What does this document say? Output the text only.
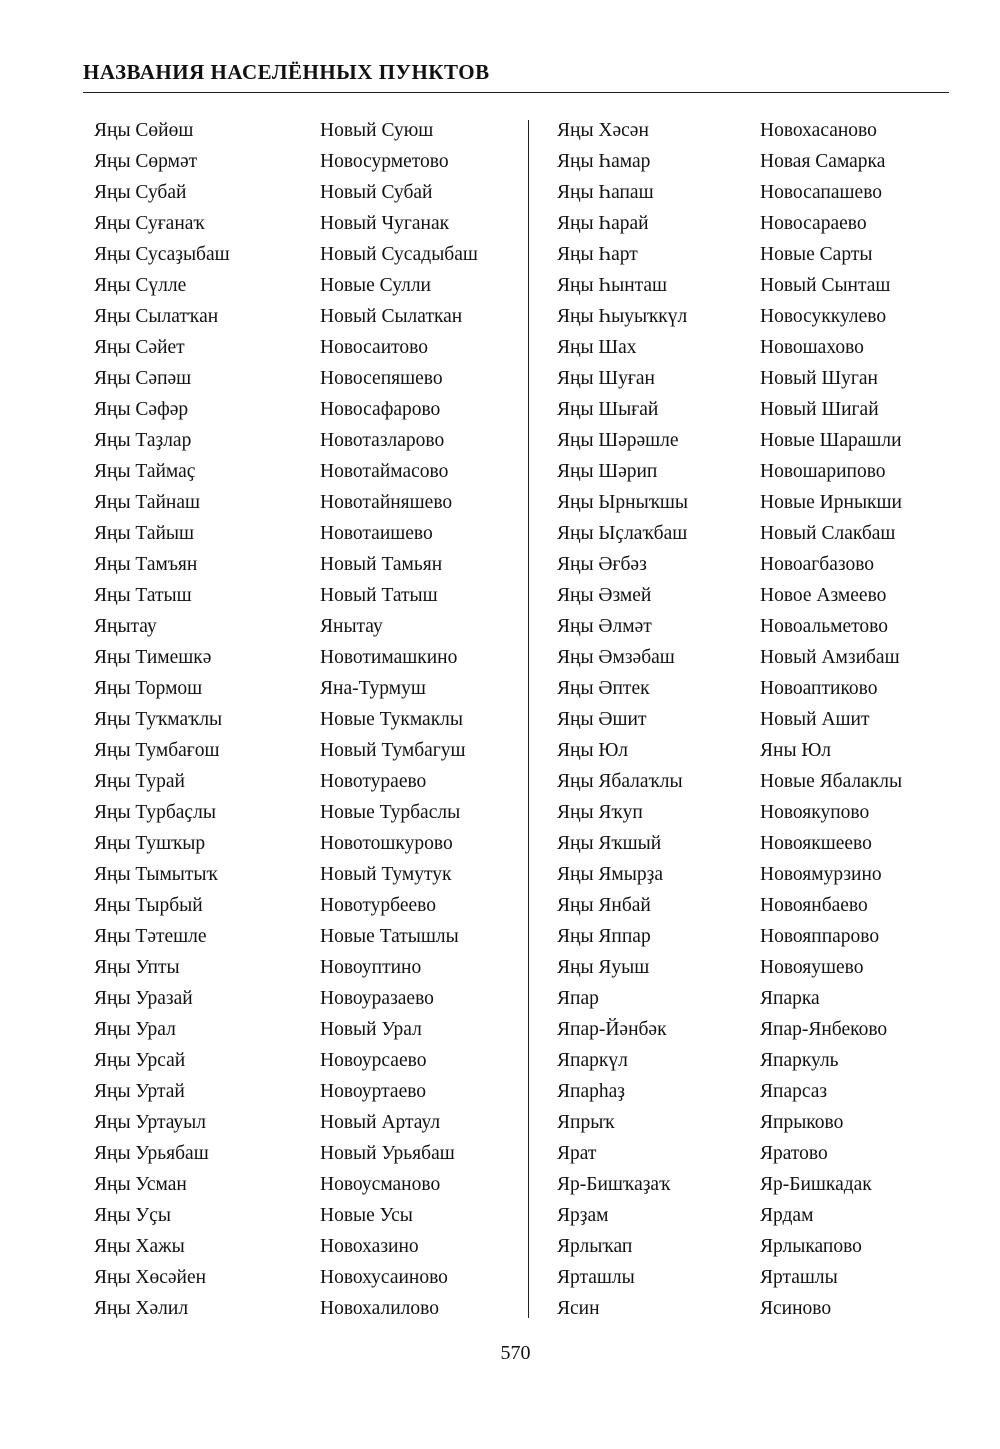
НАЗВАНИЯ НАСЕЛЁННЫХ ПУНКТОВ
Яңы Сөйөш
Яңы Сөрмәт
Яңы Субай
Яңы Суғанаҡ
Яңы Сусаҙыбаш
Яңы Сүлле
Яңы Сылатҡан
Яңы Сәйет
Яңы Сәпәш
Яңы Сәфәр
Яңы Таҙлар
Яңы Таймаҫ
Яңы Тайнаш
Яңы Тайыш
Яңы Тамъян
Яңы Татыш
Яңытау
Яңы Тимешкә
Яңы Тормош
Яңы Туҡмаҡлы
Яңы Тумбағош
Яңы Турай
Яңы Турбаҫлы
Яңы Тушҡыр
Яңы Тымытыҡ
Яңы Тырбый
Яңы Тәтешле
Яңы Упты
Яңы Уразай
Яңы Урал
Яңы Урсай
Яңы Уртай
Яңы Уртауыл
Яңы Урьябаш
Яңы Усман
Яңы Уҫы
Яңы Хажы
Яңы Хөсәйен
Яңы Хәлил
Новый Суюш
Новосурметово
Новый Субай
Новый Чуганак
Новый Сусадыбаш
Новые Сулли
Новый Сылаткан
Новосаитово
Новосепяшево
Новосафарово
Новотазларово
Новотаймасово
Новотайняшево
Новотаишево
Новый Тамьян
Новый Татыш
Янытау
Новотимашкино
Яна-Турмуш
Новые Тукмаклы
Новый Тумбагуш
Новотураево
Новые Турбаслы
Новотошкурово
Новый Тумутук
Новотурбеево
Новые Татышлы
Новоуптино
Новоуразаево
Новый Урал
Новоурсаево
Новоуртаево
Новый Артаул
Новый Урьябаш
Новоусманово
Новые Усы
Новохазино
Новохусаиново
Новохалилово
Яңы Хәсән
Яңы Һамар
Яңы Һапаш
Яңы Һарай
Яңы Һарт
Яңы Һынташ
Яңы Һыуыҡкүл
Яңы Шах
Яңы Шуған
Яңы Шығай
Яңы Шәрәшле
Яңы Шәрип
Яңы Ырныҡшы
Яңы Ыҫлаҡбаш
Яңы Әғбәз
Яңы Әзмей
Яңы Әлмәт
Яңы Әмзәбаш
Яңы Әптек
Яңы Әшит
Яңы Юл
Яңы Ябалаҡлы
Яңы Яҡуп
Яңы Яҡшый
Яңы Ямырҙа
Яңы Янбай
Яңы Яппар
Яңы Яуыш
Япар
Япар-Йәнбәк
Япаркүл
Япарһаҙ
Япрыҡ
Ярат
Яр-Бишҡаҙаҡ
Ярҙам
Ярлыҡап
Ярташлы
Ясин
Новохасаново
Новая Самарка
Новосапашево
Новосараево
Новые Сарты
Новый Сынташ
Новосуккулево
Новошахово
Новый Шуган
Новый Шигай
Новые Шарашли
Новошарипово
Новые Ирныкши
Новый Слакбаш
Новоагбазово
Новое Азмеево
Новоальметово
Новый Амзибаш
Новоаптиково
Новый Ашит
Яны Юл
Новые Ябалаклы
Новоякупово
Новоякшеево
Новоямурзино
Новоянбаево
Новояппарово
Новояушево
Япарка
Япар-Янбеково
Япаркуль
Япарсаз
Япрыково
Яратово
Яр-Бишкадак
Ярдам
Ярлыкапово
Ярташлы
Ясиново
570
